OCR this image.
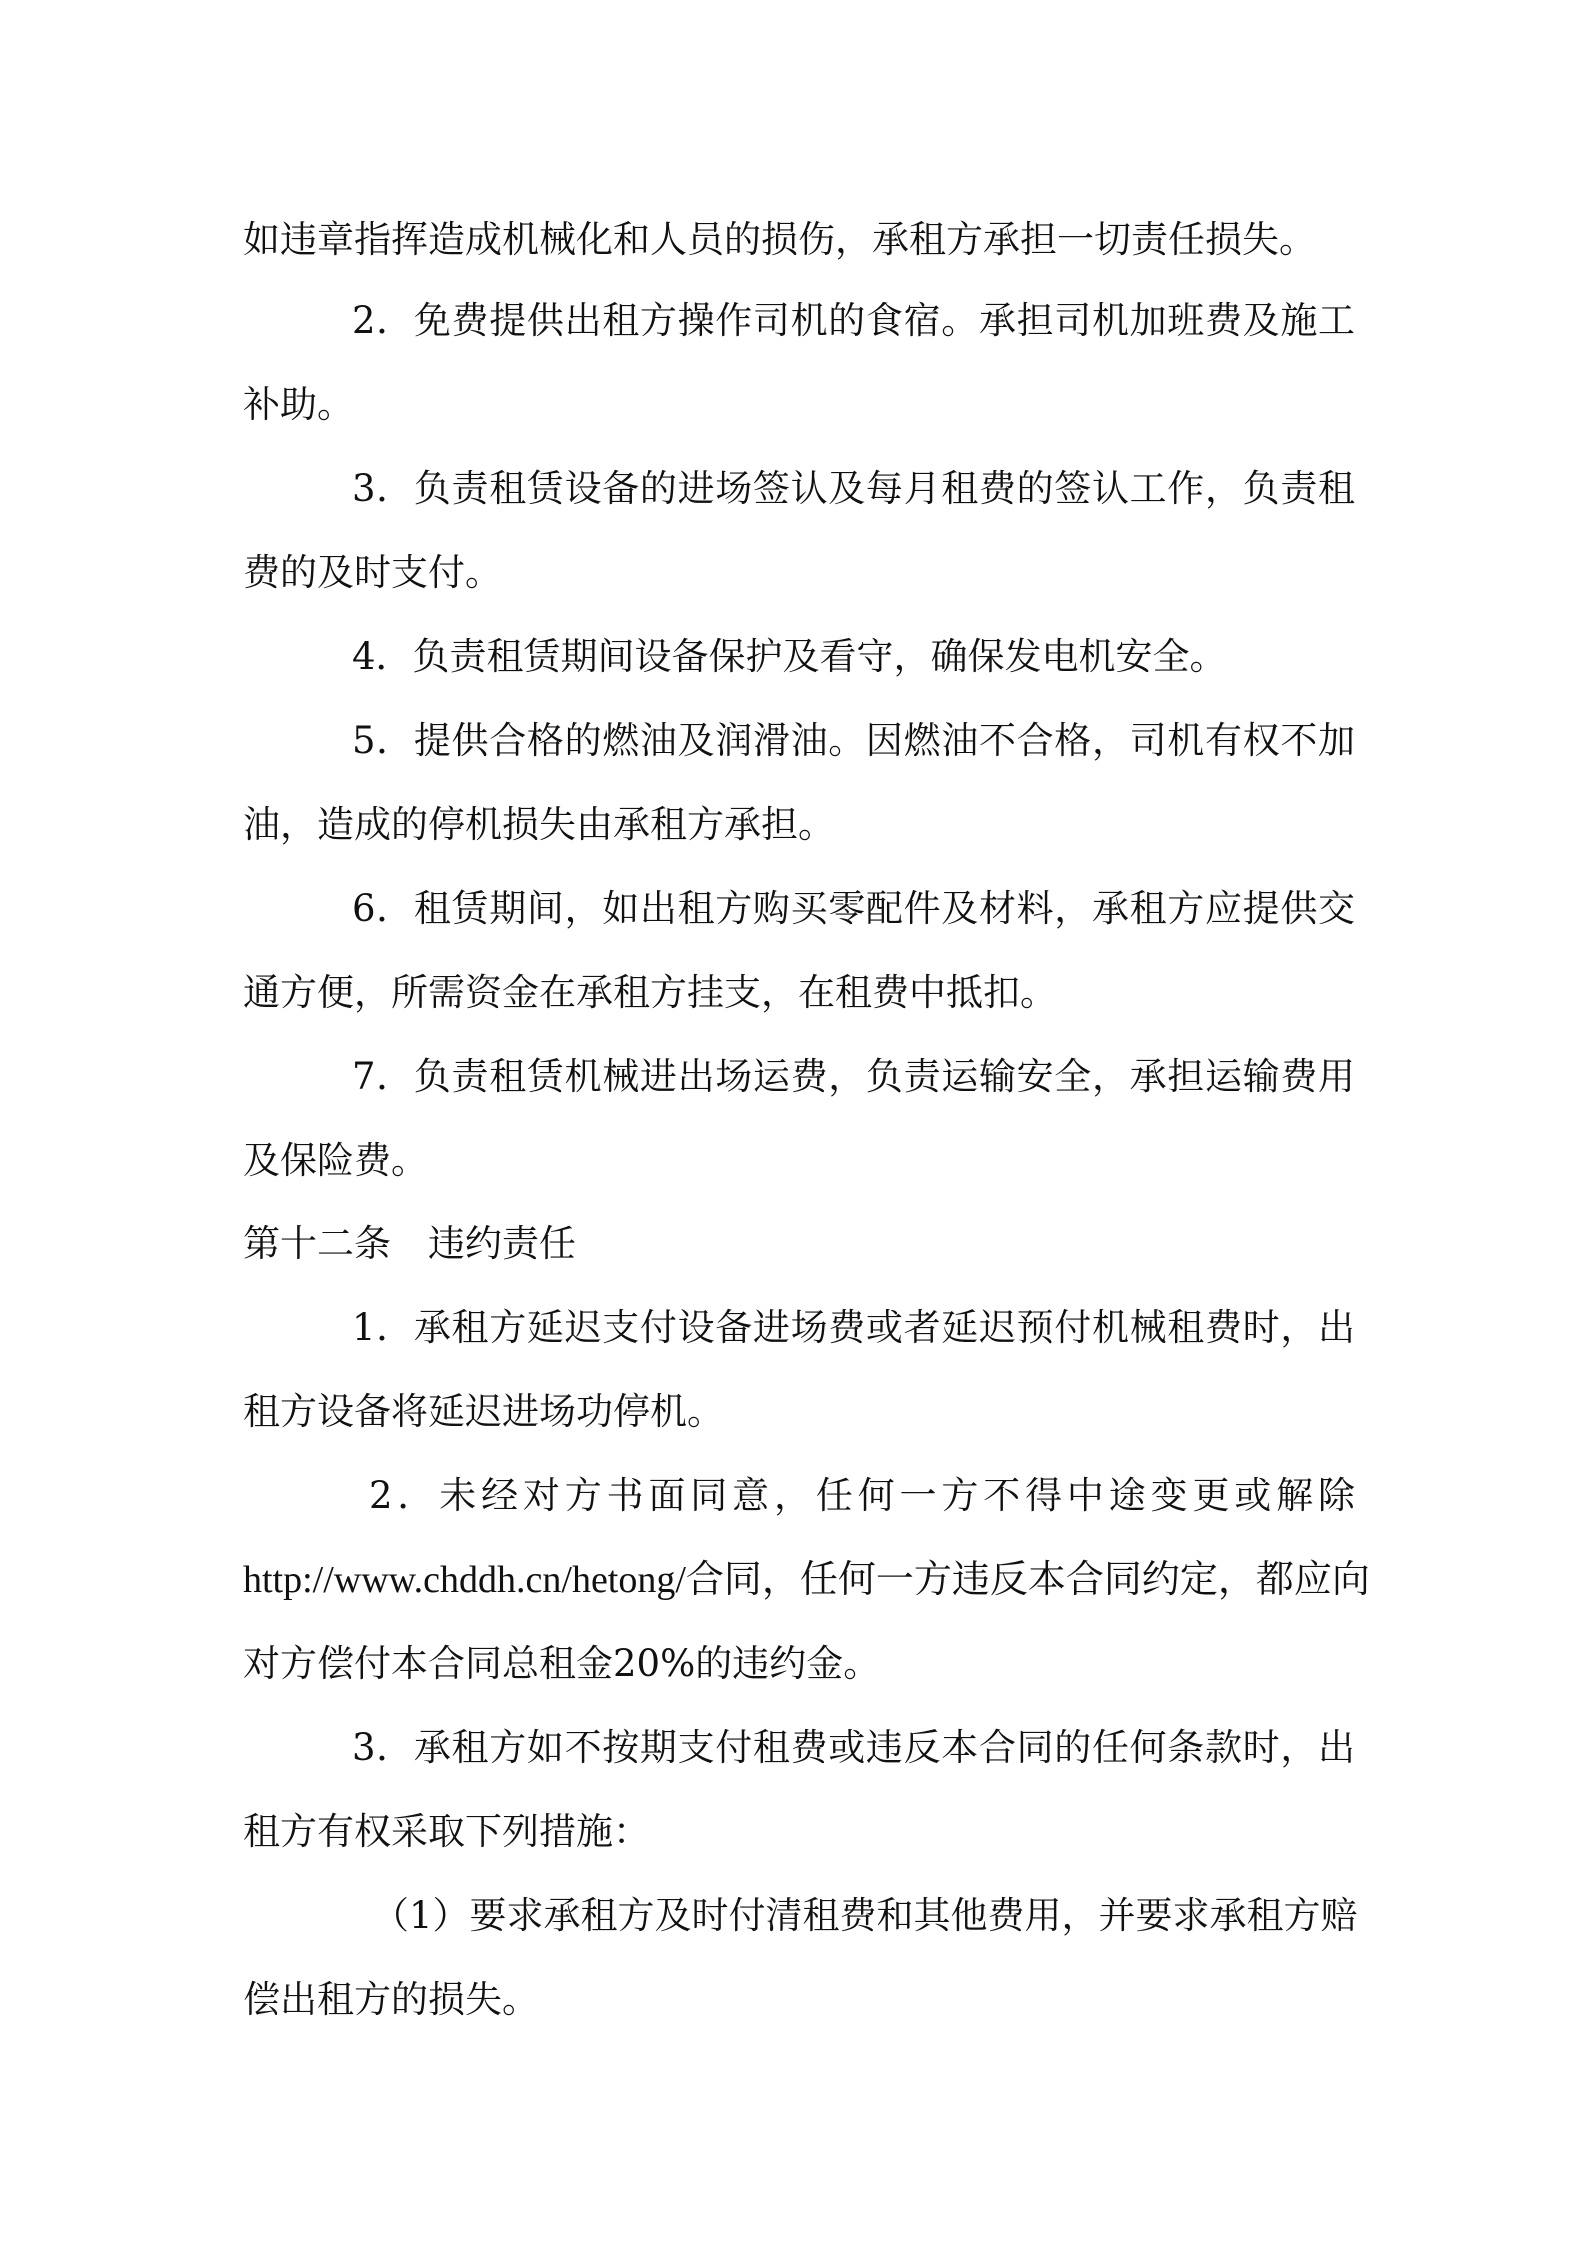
如违章指挥造成机械化和人员的损伤，承租方承担一切责任损失。

2．免费提供出租方操作司机的食宿。承担司机加班费及施工

补助。

3．负责租赁设备的进场签认及每月租费的签认工作，负责租

费的及时支付。

4．负责租赁期间设备保护及看守，确保发电机安全。

5．提供合格的燃油及润滑油。因燃油不合格，司机有权不加

油，造成的停机损失由承租方承担。

6．租赁期间，如出租方购买零配件及材料，承租方应提供交

通方便，所需资金在承租方挂支，在租费中抵扣。

7．负责租赁机械进出场运费，负责运输安全，承担运输费用

及保险费。

第十二条　违约责任

1．承租方延迟支付设备进场费或者延迟预付机械租费时，出

租方设备将延迟进场功停机。

2．未经对方书面同意，任何一方不得中途变更或解除

http://www.chddh.cn/hetong/合同，任何一方违反本合同约定，都应向

对方偿付本合同总租金20%的违约金。

3．承租方如不按期支付租费或违反本合同的任何条款时，出

租方有权采取下列措施：

（1）要求承租方及时付清租费和其他费用，并要求承租方赔

偿出租方的损失。
